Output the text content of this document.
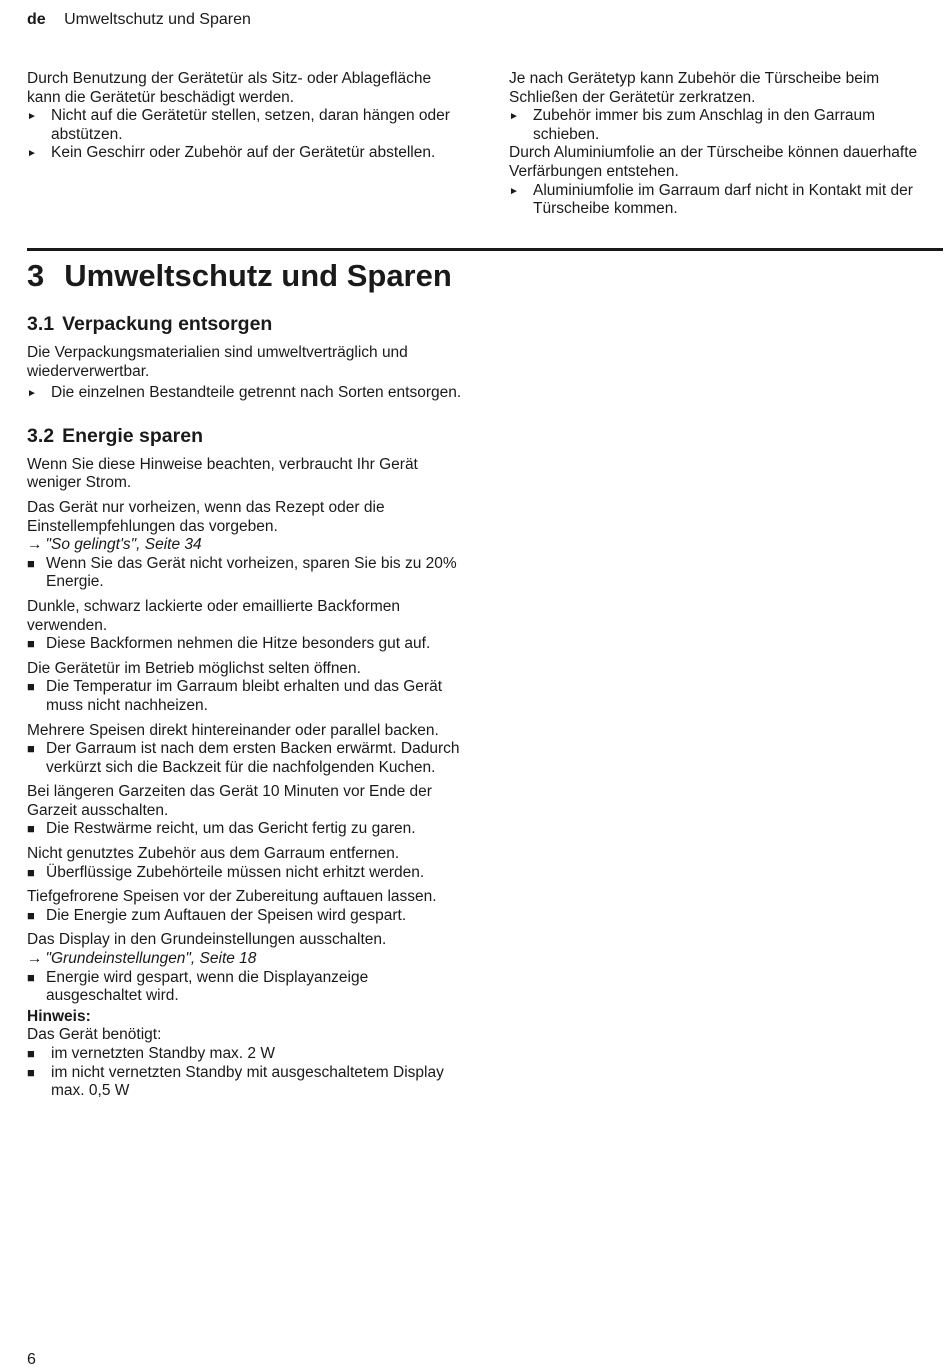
de Umweltschutz und Sparen

Durch Benutzung der Gerätetür als Sitz- oder Ablagefläche kann die Gerätetür beschädigt werden.

► Nicht auf die Gerätetür stellen, setzen, daran hängen oder abstützen.
► Kein Geschirr oder Zubehör auf der Gerätetür abstellen.

Je nach Gerätetyp kann Zubehör die Türscheibe beim Schließen der Gerätetür zerkratzen.

► Zubehör immer bis zum Anschlag in den Garraum schieben.

Durch Aluminiumfolie an der Türscheibe können dauerhafte Verfärbungen entstehen.

► Aluminiumfolie im Garraum darf nicht in Kontakt mit der Türscheibe kommen.
3 Umweltschutz und Sparen
3.1 Verpackung entsorgen

Die Verpackungsmaterialien sind umweltverträglich und wiederverwertbar.

► Die einzelnen Bestandteile getrennt nach Sorten entsorgen.
3.2 Energie sparen

Wenn Sie diese Hinweise beachten, verbraucht Ihr Gerät weniger Strom.

Das Gerät nur vorheizen, wenn das Rezept oder die Einstellempfehlungen das vorgeben.

→ "So gelingt's", Seite 34

■ Wenn Sie das Gerät nicht vorheizen, sparen Sie bis zu 20% Energie.

Dunkle, schwarz lackierte oder emaillierte Backformen verwenden.

■ Diese Backformen nehmen die Hitze besonders gut auf.

Die Gerätetür im Betrieb möglichst selten öffnen.

■ Die Temperatur im Garraum bleibt erhalten und das Gerät muss nicht nachheizen.

Mehrere Speisen direkt hintereinander oder parallel backen.

■ Der Garraum ist nach dem ersten Backen erwärmt. Dadurch verkürzt sich die Backzeit für die nachfolgenden Kuchen.

Bei längeren Garzeiten das Gerät 10 Minuten vor Ende der Garzeit ausschalten.

■ Die Restwärme reicht, um das Gericht fertig zu garen.

Nicht genutztes Zubehör aus dem Garraum entfernen.

■ Überflüssige Zubehörteile müssen nicht erhitzt werden.

Tiefgefrorene Speisen vor der Zubereitung auftauen lassen.

■ Die Energie zum Auftauen der Speisen wird gespart.

Das Display in den Grundeinstellungen ausschalten.

→ "Grundeinstellungen", Seite 18

■ Energie wird gespart, wenn die Displayanzeige ausgeschaltet wird.

Hinweis:

Das Gerät benötigt:

■ im vernetzten Standby max. 2 W
■ im nicht vernetzten Standby mit ausgeschaltetem Display max. 0,5 W
6
